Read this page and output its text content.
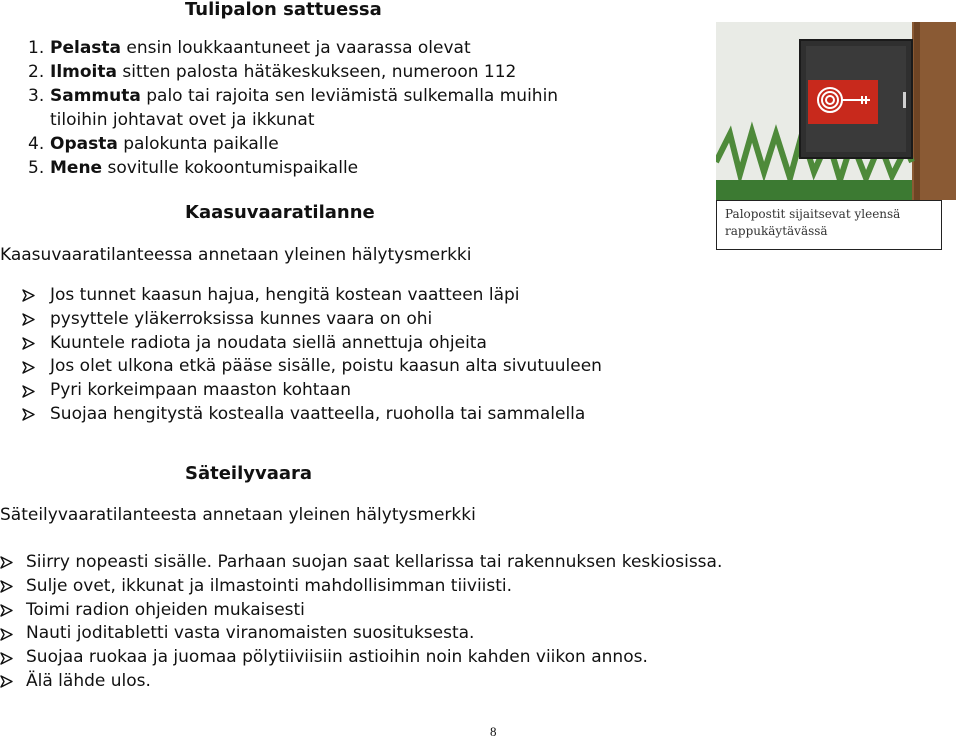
Tulipalon sattuessa
1. Pelasta ensin loukkaantuneet ja vaarassa olevat
2. Ilmoita sitten palosta hätäkeskukseen, numeroon 112
3. Sammuta palo tai rajoita sen leviämistä sulkemalla muihin
tiloihin johtavat ovet ja ikkunat
4. Opasta palokunta paikalle
5. Mene sovitulle kokoontumispaikalle
Palopostit sijaitsevat yleensä rappukäytävässä
Kaasuvaaratilanne
Kaasuvaaratilanteessa annetaan yleinen hälytysmerkki
Jos tunnet kaasun hajua, hengitä kostean vaatteen läpi
pysyttele yläkerroksissa kunnes vaara on ohi
Kuuntele radiota ja noudata siellä annettuja ohjeita
Jos olet ulkona etkä pääse sisälle, poistu kaasun alta sivutuuleen
Pyri korkeimpaan maaston kohtaan
Suojaa hengitystä kostealla vaatteella, ruoholla tai sammalella
Säteilyvaara
Säteilyvaaratilanteesta annetaan yleinen hälytysmerkki
Siirry nopeasti sisälle. Parhaan suojan saat kellarissa tai rakennuksen keskiosissa.
Sulje ovet, ikkunat ja ilmastointi mahdollisimman tiiviisti.
Toimi radion ohjeiden mukaisesti
Nauti joditabletti vasta viranomaisten suosituksesta.
Suojaa ruokaa ja juomaa pölytiiviisiin astioihin noin kahden viikon annos.
Älä lähde ulos.
8
